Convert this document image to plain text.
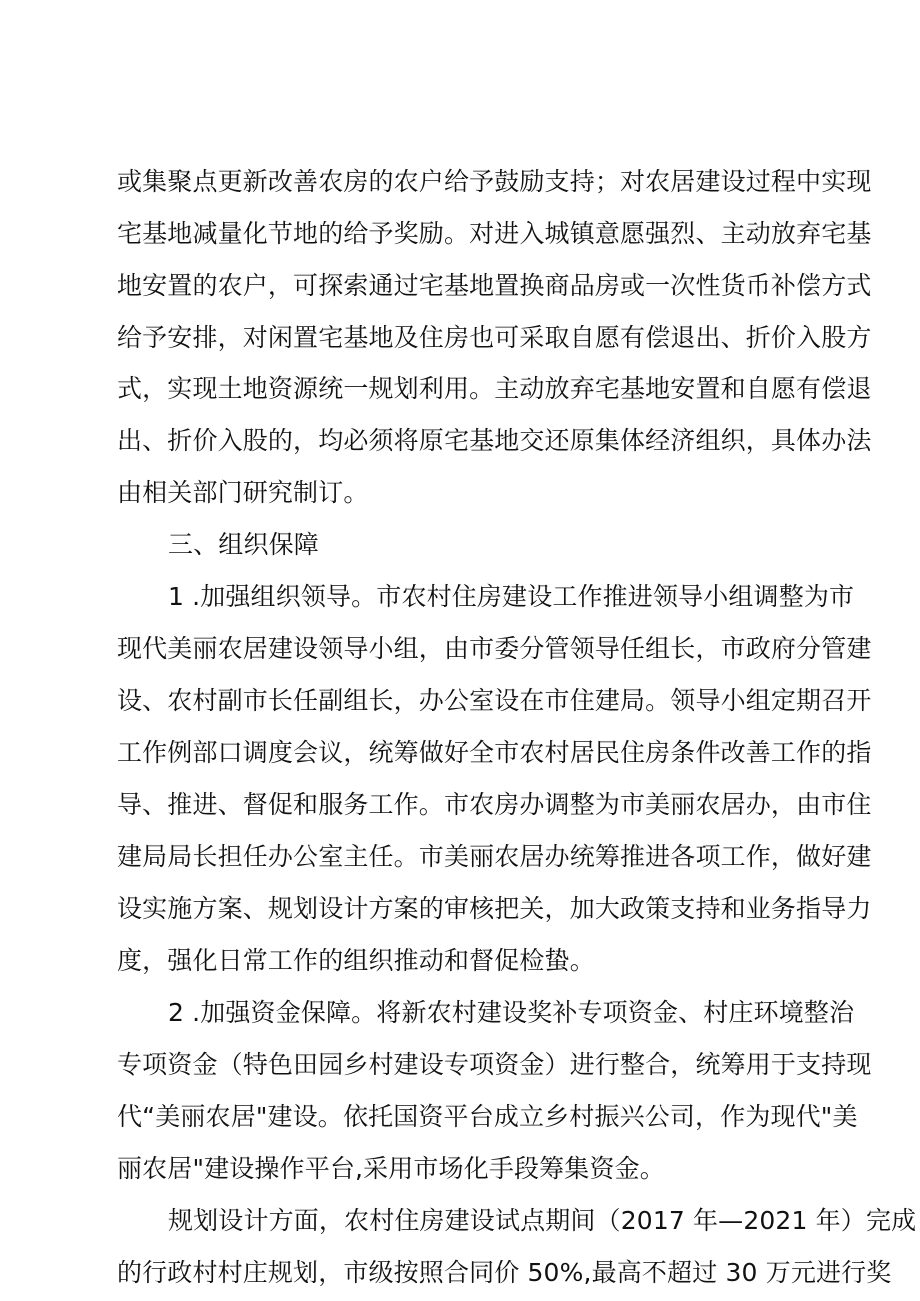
或集聚点更新改善农房的农户给予鼓励支持；对农居建设过程中实现
宅基地减量化节地的给予奖励。对进入城镇意愿强烈、主动放弃宅基
地安置的农户，可探索通过宅基地置换商品房或一次性货币补偿方式
给予安排，对闲置宅基地及住房也可采取自愿有偿退出、折价入股方
式，实现土地资源统一规划利用。主动放弃宅基地安置和自愿有偿退
出、折价入股的，均必须将原宅基地交还原集体经济组织，具体办法
由相关部门研究制订。
三、组织保障
1 .加强组织领导。市农村住房建设工作推进领导小组调整为市
现代美丽农居建设领导小组，由市委分管领导任组长，市政府分管建
设、农村副市长任副组长，办公室设在市住建局。领导小组定期召开
工作例部口调度会议，统筹做好全市农村居民住房条件改善工作的指
导、推进、督促和服务工作。市农房办调整为市美丽农居办，由市住
建局局长担任办公室主任。市美丽农居办统筹推进各项工作，做好建
设实施方案、规划设计方案的审核把关，加大政策支持和业务指导力
度，强化日常工作的组织推动和督促检蛰。
2 .加强资金保障。将新农村建设奖补专项资金、村庄环境整治
专项资金（特色田园乡村建设专项资金）进行整合，统筹用于支持现
代“美丽农居"建设。依托国资平台成立乡村振兴公司，作为现代"美
丽农居"建设操作平台,采用市场化手段筹集资金。
规划设计方面，农村住房建设试点期间（2017 年—2021 年）完成
的行政村村庄规划，市级按照合同价 50%,最高不超过 30 万元进行奖
